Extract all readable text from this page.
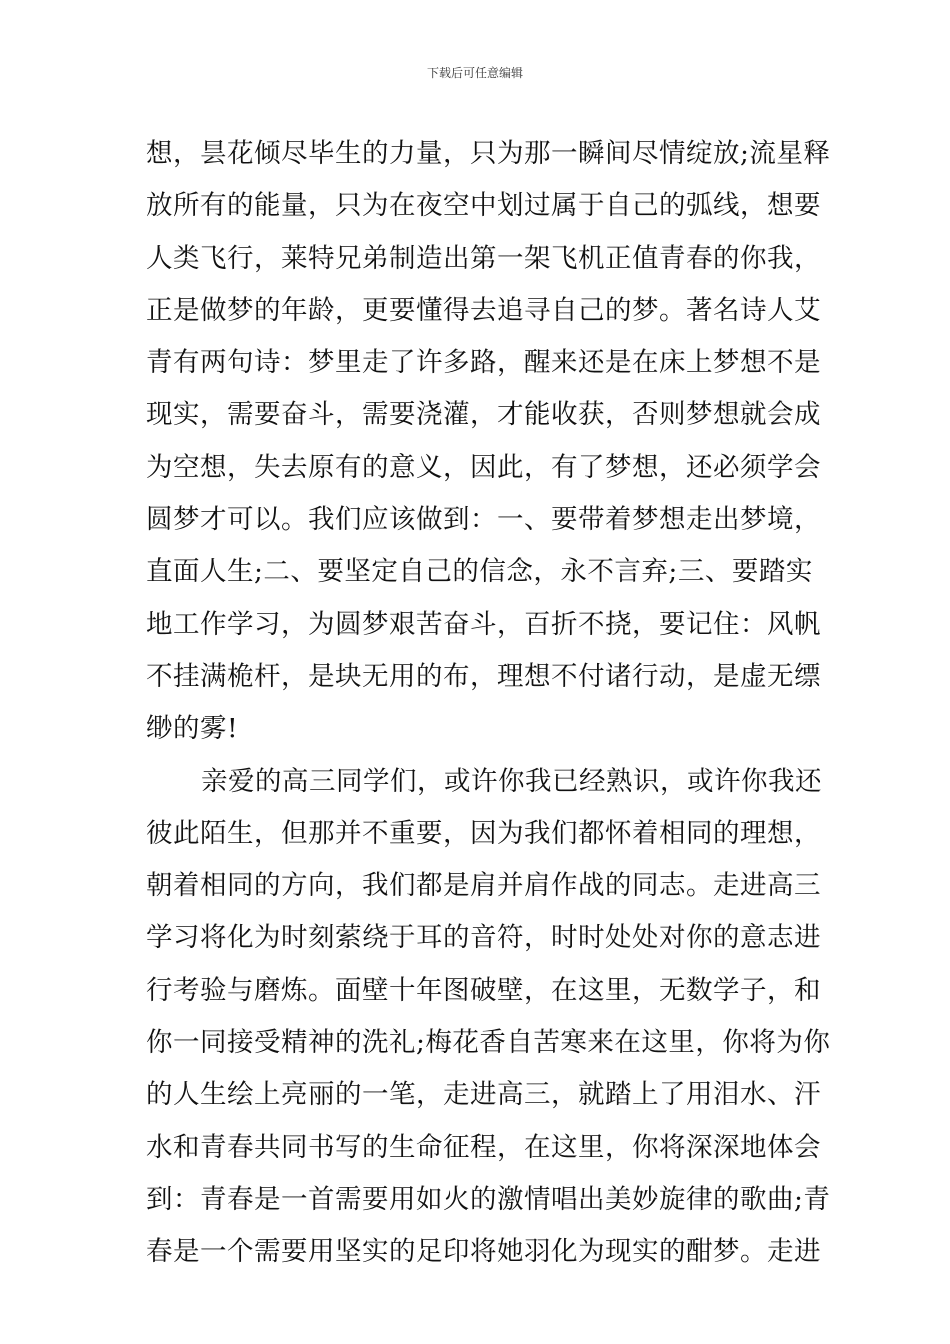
下载后可任意编辑
想，昙花倾尽毕生的力量，只为那一瞬间尽情绽放;流星释
放所有的能量，只为在夜空中划过属于自己的弧线，想要
人类飞行，莱特兄弟制造出第一架飞机正值青春的你我，
正是做梦的年龄，更要懂得去追寻自己的梦。著名诗人艾
青有两句诗：梦里走了许多路，醒来还是在床上梦想不是
现实，需要奋斗，需要浇灌，才能收获，否则梦想就会成
为空想，失去原有的意义，因此，有了梦想，还必须学会
圆梦才可以。我们应该做到：一、要带着梦想走出梦境，
直面人生;二、要坚定自己的信念，永不言弃;三、要踏实
地工作学习，为圆梦艰苦奋斗，百折不挠，要记住：风帆
不挂满桅杆，是块无用的布，理想不付诸行动，是虚无缥
缈的雾!
亲爱的高三同学们，或许你我已经熟识，或许你我还
彼此陌生，但那并不重要，因为我们都怀着相同的理想，
朝着相同的方向，我们都是肩并肩作战的同志。走进高三
学习将化为时刻萦绕于耳的音符，时时处处对你的意志进
行考验与磨炼。面壁十年图破壁，在这里，无数学子，和
你一同接受精神的洗礼;梅花香自苦寒来在这里，你将为你
的人生绘上亮丽的一笔，走进高三，就踏上了用泪水、汗
水和青春共同书写的生命征程，在这里，你将深深地体会
到：青春是一首需要用如火的激情唱出美妙旋律的歌曲;青
春是一个需要用坚实的足印将她羽化为现实的酣梦。走进
